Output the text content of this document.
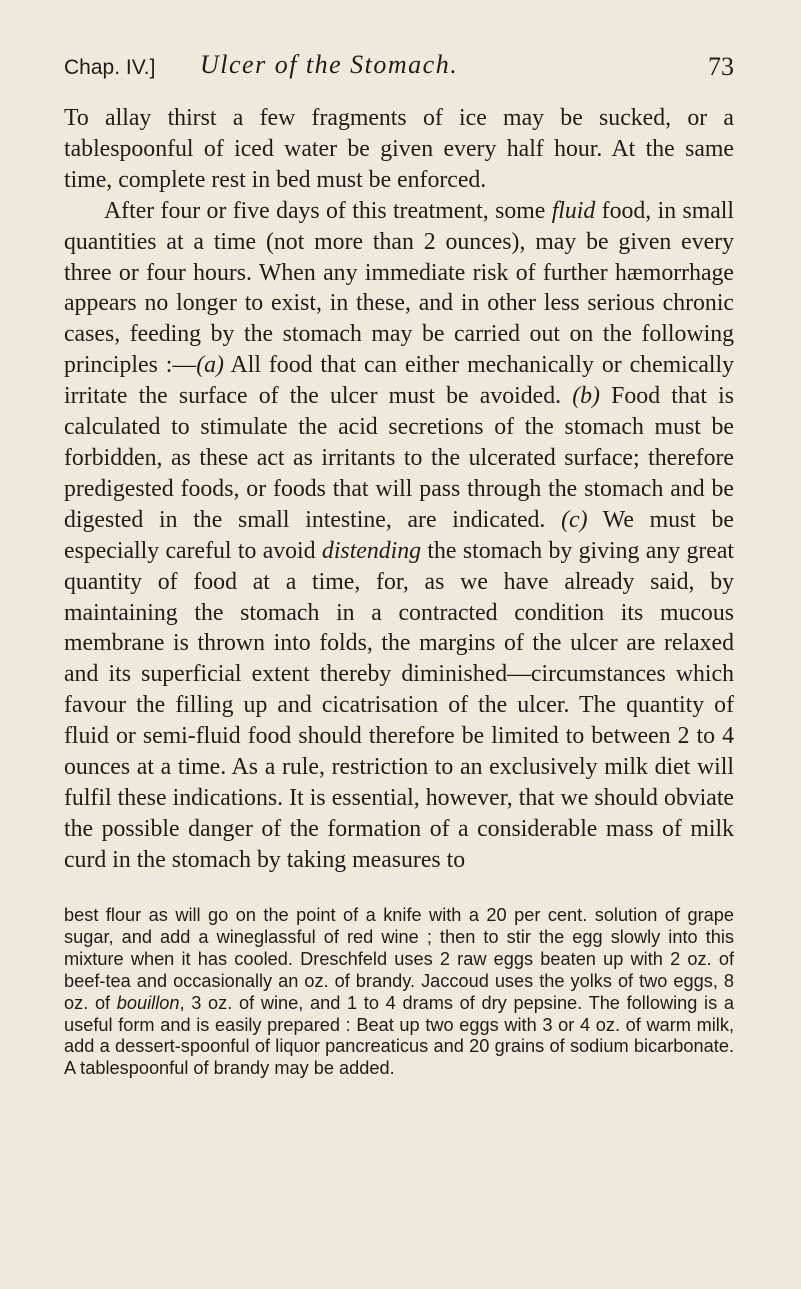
Chap. IV.] Ulcer of the Stomach.	73

To allay thirst a few fragments of ice may be sucked, or a tablespoonful of iced water be given every half hour. At the same time, complete rest in bed must be enforced.

After four or five days of this treatment, some fluid food, in small quantities at a time (not more than 2 ounces), may be given every three or four hours. When any immediate risk of further hæmorrhage appears no longer to exist, in these, and in other less serious chronic cases, feeding by the stomach may be carried out on the following principles :—(a) All food that can either mechanically or chemically irritate the surface of the ulcer must be avoided. (b) Food that is calculated to stimulate the acid secretions of the stomach must be forbidden, as these act as irritants to the ulcerated surface; therefore predigested foods, or foods that will pass through the stomach and be digested in the small intestine, are indicated. (c) We must be especially careful to avoid distending the stomach by giving any great quantity of food at a time, for, as we have already said, by maintaining the stomach in a contracted condition its mucous membrane is thrown into folds, the margins of the ulcer are relaxed and its superficial extent thereby diminished—circumstances which favour the filling up and cicatrisation of the ulcer. The quantity of fluid or semi-fluid food should therefore be limited to between 2 to 4 ounces at a time. As a rule, restriction to an exclusively milk diet will fulfil these indications. It is essential, however, that we should obviate the possible danger of the formation of a considerable mass of milk curd in the stomach by taking measures to

best flour as will go on the point of a knife with a 20 per cent. solution of grape sugar, and add a wineglassful of red wine ; then to stir the egg slowly into this mixture when it has cooled. Dreschfeld uses 2 raw eggs beaten up with 2 oz. of beef-tea and occasionally an oz. of brandy. Jaccoud uses the yolks of two eggs, 8 oz. of bouillon, 3 oz. of wine, and 1 to 4 drams of dry pepsine. The following is a useful form and is easily prepared : Beat up two eggs with 3 or 4 oz. of warm milk, add a dessert-spoonful of liquor pancreaticus and 20 grains of sodium bicarbonate. A tablespoonful of brandy may be added.
